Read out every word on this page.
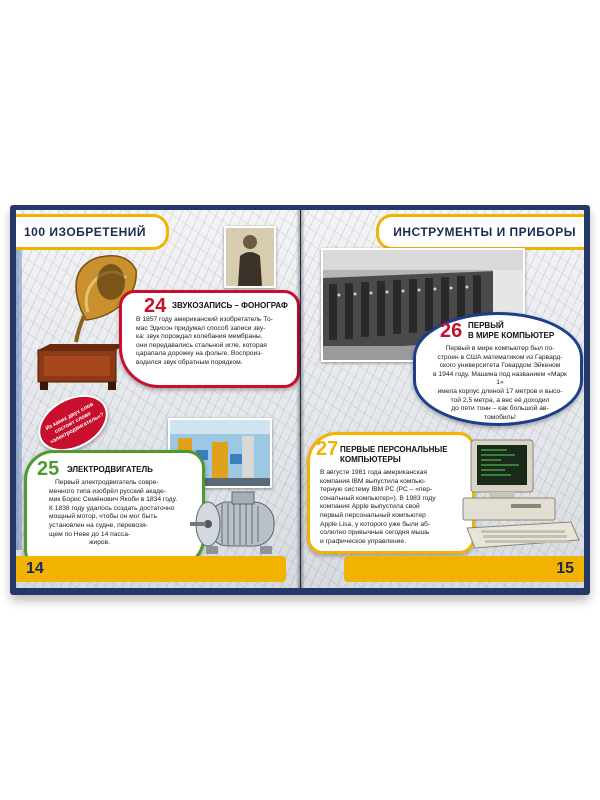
100 ИЗОБРЕТЕНИЙ
24 ЗВУКОЗАПИСЬ – ФОНОГРАФ
В 1857 году американский изобретатель То-
мас Эдисон придумал способ записи зву-
ка: звук порождал колебания мембраны,
они передавались стальной игле, которая
царапала дорожку на фольге. Воспроиз-
водился звук обратным порядком.
Из каких двух слов состоит слово «электродвигатель»?
25 ЭЛЕКТРОДВИГАТЕЛЬ
Первый электродвигатель совре-
менного типа изобрёл русский акаде-
мик Борис Семёнович Якоби в 1834 году.
К 1838 году удалось создать достаточно
мощный мотор, чтобы он мог быть
установлен на судне, перевозя-
щем по Неве до 14 пасса-
жиров.
14
ИНСТРУМЕНТЫ И ПРИБОРЫ
26 ПЕРВЫЙ
В МИРЕ КОМПЬЮТЕР
Первый в мире компьютер был по-
строен в США математиком из Гарвард-
ского университета Говардом Эйкеном
в 1944 году. Машина под названием «Марк 1»
имела корпус длиной 17 метров и высо-
той 2,5 метра, а вес её доходил
до пяти тонн – как большой ав-
томобиль!
27 ПЕРВЫЕ ПЕРСОНАЛЬНЫЕ
КОМПЬЮТЕРЫ
В августе 1981 года американская
компания IBM выпустила компью-
терную систему IBM PC (PC – «пер-
сональный компьютер»). В 1983 году
компания Apple выпустила свой
первый персональный компьютер
Apple Lisa, у которого уже были аб-
солютно привычные сегодня мышь
и графическое управление.
15
